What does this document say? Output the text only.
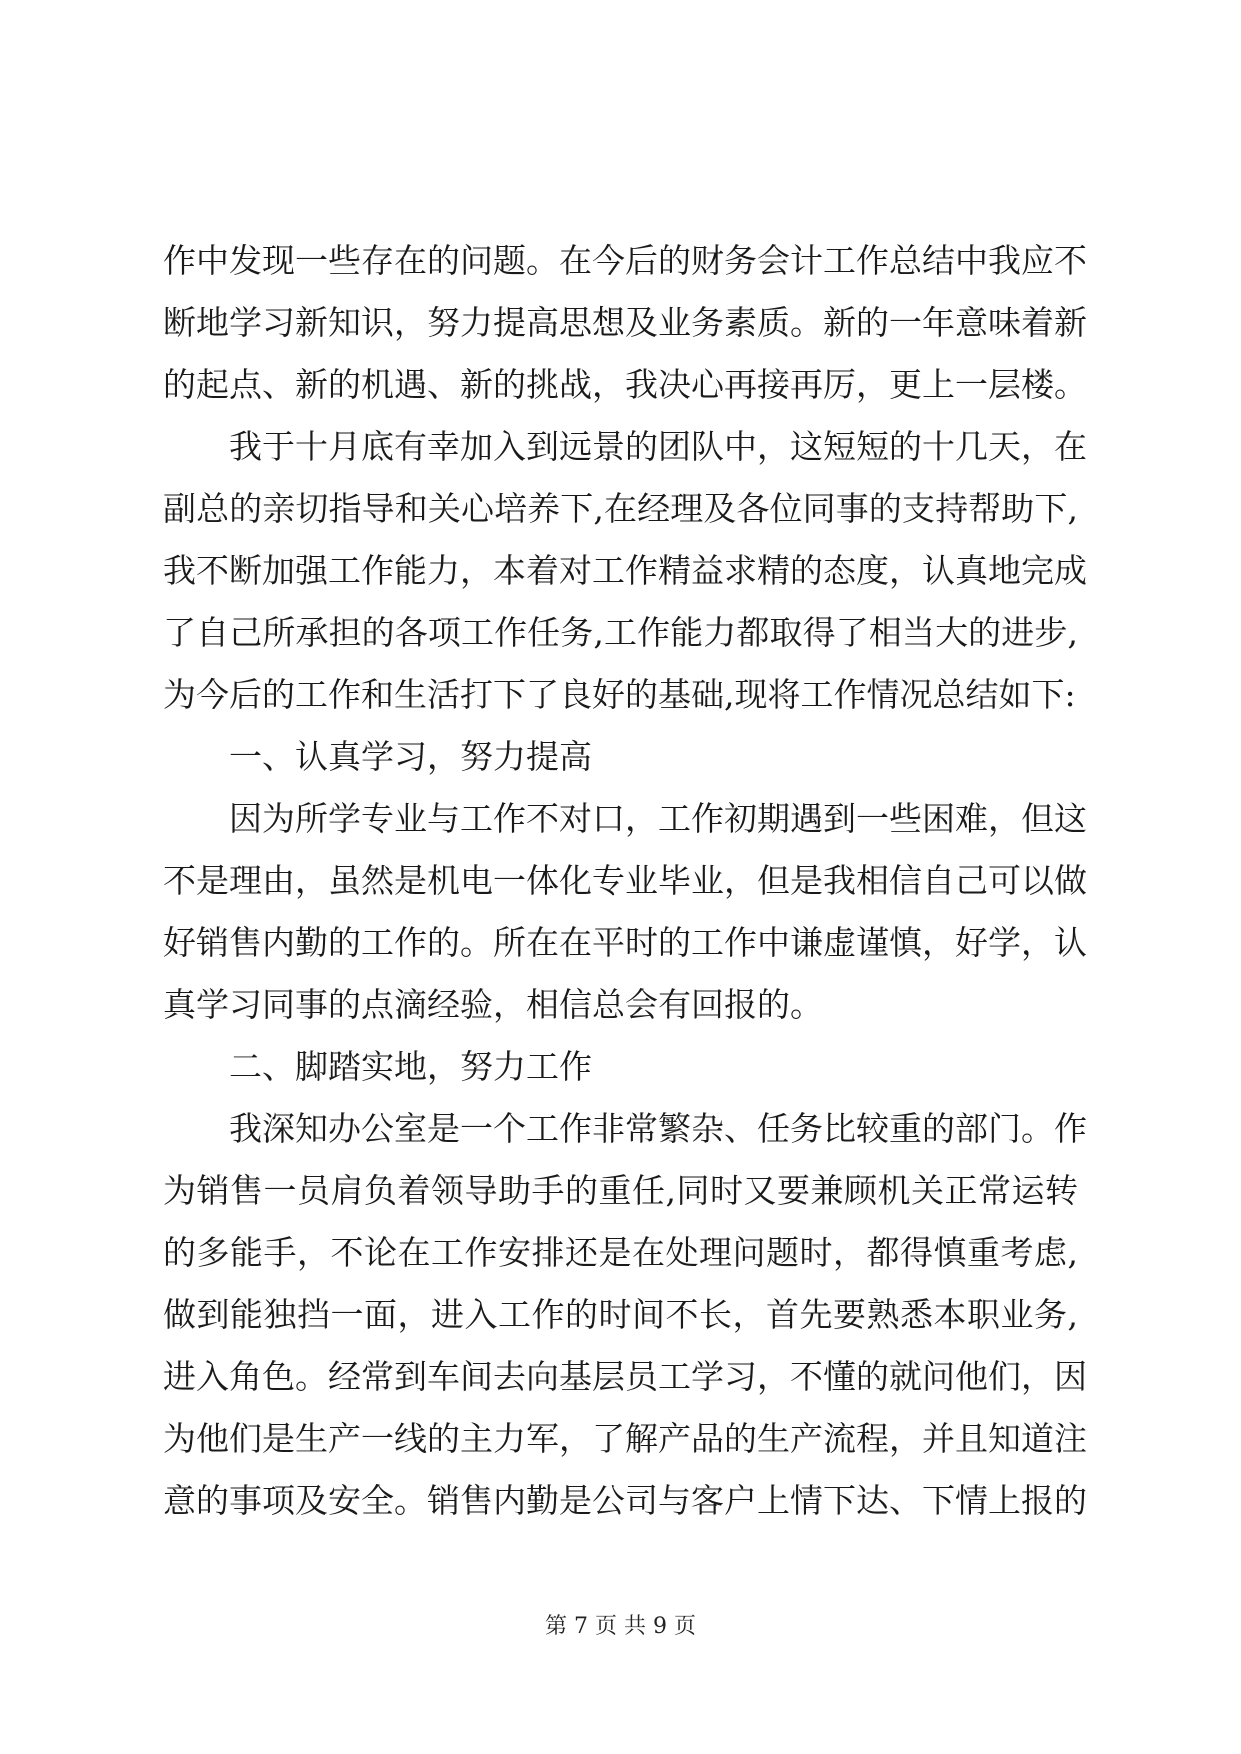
作中发现一些存在的问题。在今后的财务会计工作总结中我应不
断地学习新知识，努力提高思想及业务素质。新的一年意味着新
的起点、新的机遇、新的挑战，我决心再接再厉，更上一层楼。
我于十月底有幸加入到远景的团队中，这短短的十几天，在
副总的亲切指导和关心培养下,在经理及各位同事的支持帮助下,
我不断加强工作能力，本着对工作精益求精的态度，认真地完成
了自己所承担的各项工作任务,工作能力都取得了相当大的进步,
为今后的工作和生活打下了良好的基础,现将工作情况总结如下:
一、认真学习，努力提高
因为所学专业与工作不对口，工作初期遇到一些困难，但这
不是理由，虽然是机电一体化专业毕业，但是我相信自己可以做
好销售内勤的工作的。所在在平时的工作中谦虚谨慎，好学，认
真学习同事的点滴经验，相信总会有回报的。
二、脚踏实地，努力工作
我深知办公室是一个工作非常繁杂、任务比较重的部门。作
为销售一员肩负着领导助手的重任,同时又要兼顾机关正常运转
的多能手，不论在工作安排还是在处理问题时，都得慎重考虑,
做到能独挡一面，进入工作的时间不长，首先要熟悉本职业务,
进入角色。经常到车间去向基层员工学习，不懂的就问他们，因
为他们是生产一线的主力军，了解产品的生产流程，并且知道注
意的事项及安全。销售内勤是公司与客户上情下达、下情上报的
第 7 页 共 9 页
